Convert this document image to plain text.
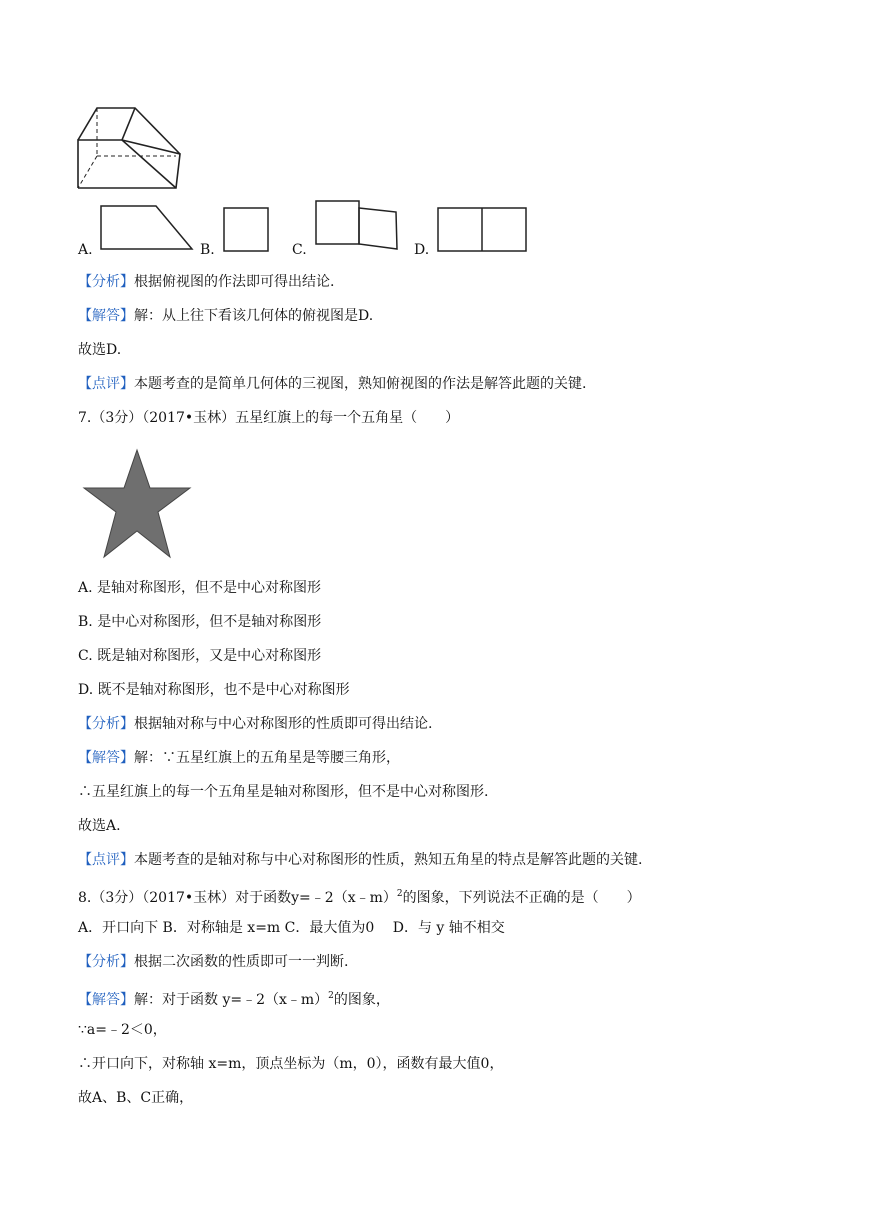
A.	B.	C.	D.
【分析】根据俯视图的作法即可得出结论.
【解答】解：从上往下看该几何体的俯视图是D.
故选D.
【点评】本题考查的是简单几何体的三视图，熟知俯视图的作法是解答此题的关键.
7.（3分）（2017•玉林）五星红旗上的每一个五角星（　　）
A. 是轴对称图形，但不是中心对称图形
B. 是中心对称图形，但不是轴对称图形
C. 既是轴对称图形，又是中心对称图形
D. 既不是轴对称图形，也不是中心对称图形
【分析】根据轴对称与中心对称图形的性质即可得出结论.
【解答】解：∵五星红旗上的五角星是等腰三角形，
∴五星红旗上的每一个五角星是轴对称图形，但不是中心对称图形.
故选A.
【点评】本题考查的是轴对称与中心对称图形的性质，熟知五角星的特点是解答此题的关键.
8.（3分）（2017•玉林）对于函数y=﹣2（x﹣m）$^2$的图象，下列说法不正确的是（　　）
A．开口向下 B．对称轴是 x=m C．最大值为0　 D．与 y 轴不相交
【分析】根据二次函数的性质即可一一判断.
【解答】解：对于函数 y=﹣2（x﹣m）$^2$的图象，
∵a=﹣2＜0，
∴开口向下，对称轴 x=m，顶点坐标为（m，0），函数有最大值0，
故A、B、C正确，
